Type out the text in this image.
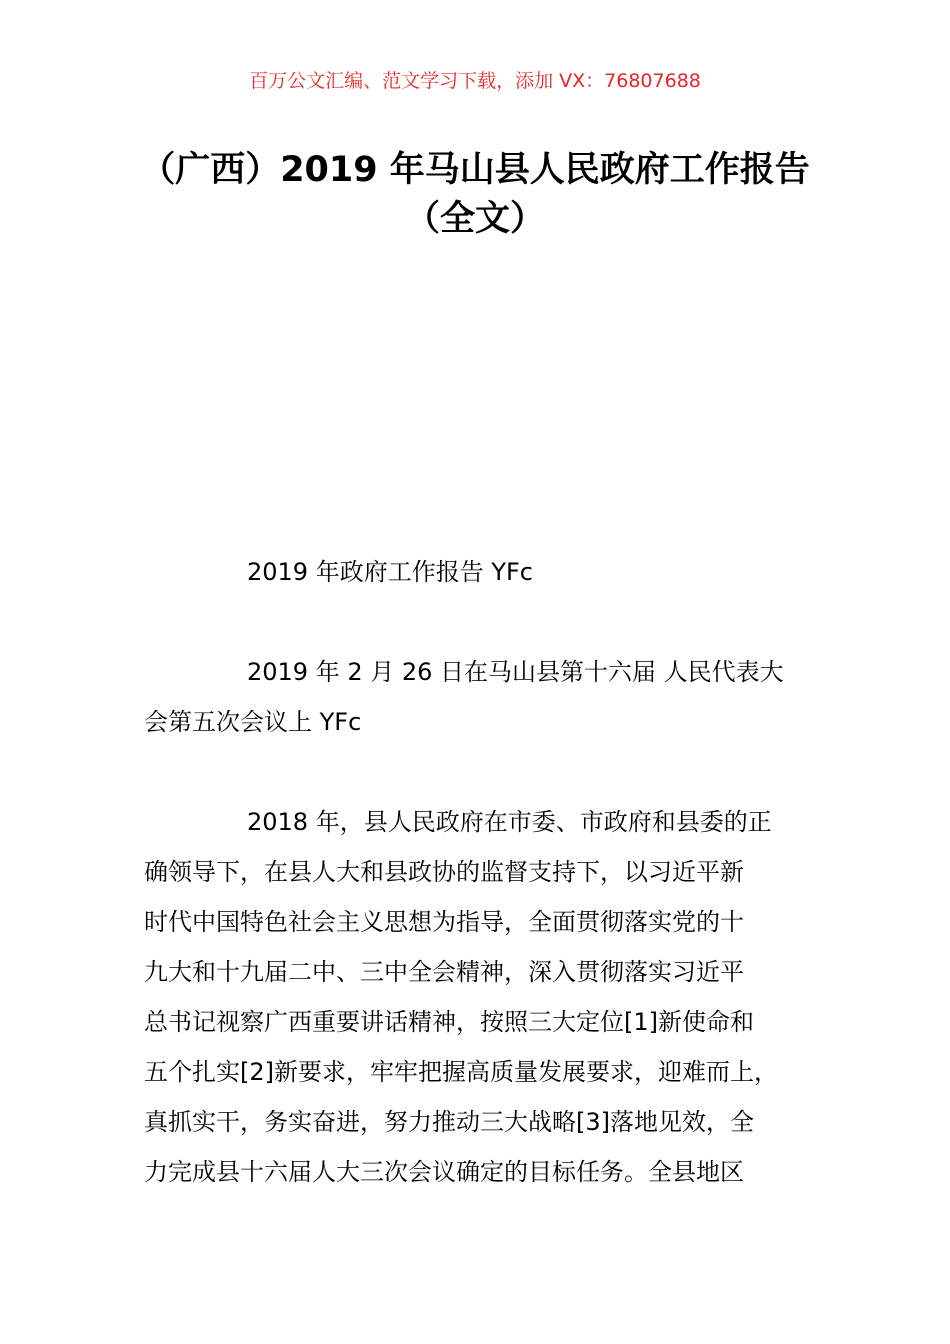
百万公文汇编、范文学习下载，添加 VX：76807688
（广西）2019 年马山县人民政府工作报告
（全文）
2019 年政府工作报告 YFc
2019 年 2 月 26 日在马山县第十六届 人民代表大
会第五次会议上 YFc
2018 年，县人民政府在市委、市政府和县委的正
确领导下，在县人大和县政协的监督支持下，以习近平新
时代中国特色社会主义思想为指导，全面贯彻落实党的十
九大和十九届二中、三中全会精神，深入贯彻落实习近平
总书记视察广西重要讲话精神，按照三大定位[1]新使命和
五个扎实[2]新要求，牢牢把握高质量发展要求，迎难而上，
真抓实干，务实奋进，努力推动三大战略[3]落地见效，全
力完成县十六届人大三次会议确定的目标任务。全县地区
